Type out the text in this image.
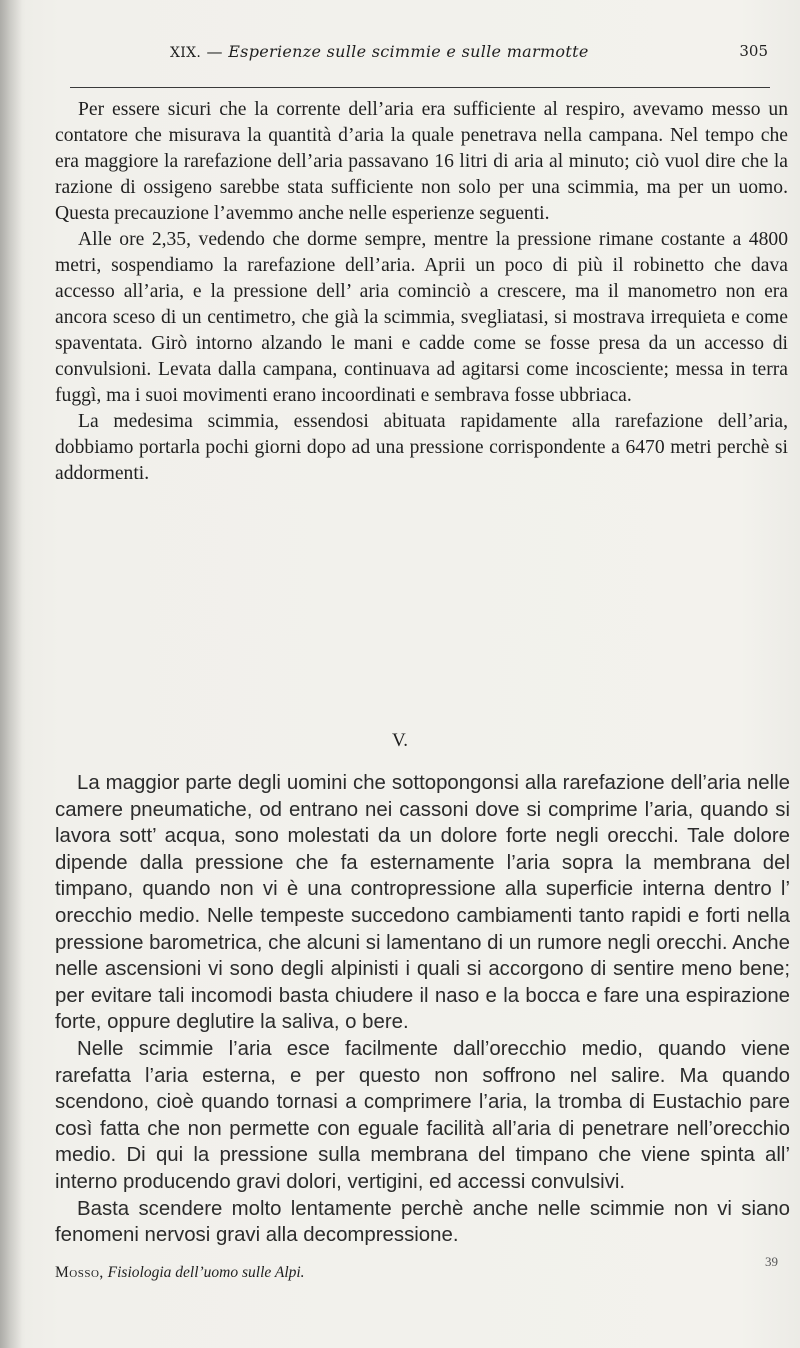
XIX. — Esperienze sulle scimmie e sulle marmotte	305

Per essere sicuri che la corrente dell’aria era sufficiente al respiro, avevamo messo un contatore che misurava la quantità d’aria la quale penetrava nella campana. Nel tempo che era maggiore la rarefazione dell’aria passavano 16 litri di aria al minuto; ciò vuol dire che la razione di ossigeno sarebbe stata sufficiente non solo per una scimmia, ma per un uomo. Questa precauzione l’avemmo anche nelle esperienze seguenti.

Alle ore 2,35, vedendo che dorme sempre, mentre la pressione rimane costante a 4800 metri, sospendiamo la rarefazione dell’aria. Aprii un poco di più il robinetto che dava accesso all’aria, e la pressione dell’ aria cominciò a crescere, ma il manometro non era ancora sceso di un centimetro, che già la scimmia, svegliatasi, si mostrava irrequieta e come spaventata. Girò intorno alzando le mani e cadde come se fosse presa da un accesso di convulsioni. Levata dalla campana, continuava ad agitarsi come incosciente; messa in terra fuggì, ma i suoi movimenti erano incoordinati e sembrava fosse ubbriaca.

La medesima scimmia, essendosi abituata rapidamente alla rarefazione dell’aria, dobbiamo portarla pochi giorni dopo ad una pressione corrispondente a 6470 metri perchè si addormenti.

V.

La maggior parte degli uomini che sottopongonsi alla rarefazione dell’aria nelle camere pneumatiche, od entrano nei cassoni dove si comprime l’aria, quando si lavora sott’ acqua, sono molestati da un dolore forte negli orecchi. Tale dolore dipende dalla pressione che fa esternamente l’aria sopra la membrana del timpano, quando non vi è una contropressione alla superficie interna dentro l’ orecchio medio. Nelle tempeste succedono cambiamenti tanto rapidi e forti nella pressione barometrica, che alcuni si lamentano di un rumore negli orecchi. Anche nelle ascensioni vi sono degli alpinisti i quali si accorgono di sentire meno bene; per evitare tali incomodi basta chiudere il naso e la bocca e fare una espirazione forte, oppure deglutire la saliva, o bere.

Nelle scimmie l’aria esce facilmente dall’orecchio medio, quando viene rarefatta l’aria esterna, e per questo non soffrono nel salire. Ma quando scendono, cioè quando tornasi a comprimere l’aria, la tromba di Eustachio pare così fatta che non permette con eguale facilità all’aria di penetrare nell’orecchio medio. Di qui la pressione sulla membrana del timpano che viene spinta all’ interno producendo gravi dolori, vertigini, ed accessi convulsivi.

Basta scendere molto lentamente perchè anche nelle scimmie non vi siano fenomeni nervosi gravi alla decompressione.

Mosso, Fisiologia dell’uomo sulle Alpi.
39
